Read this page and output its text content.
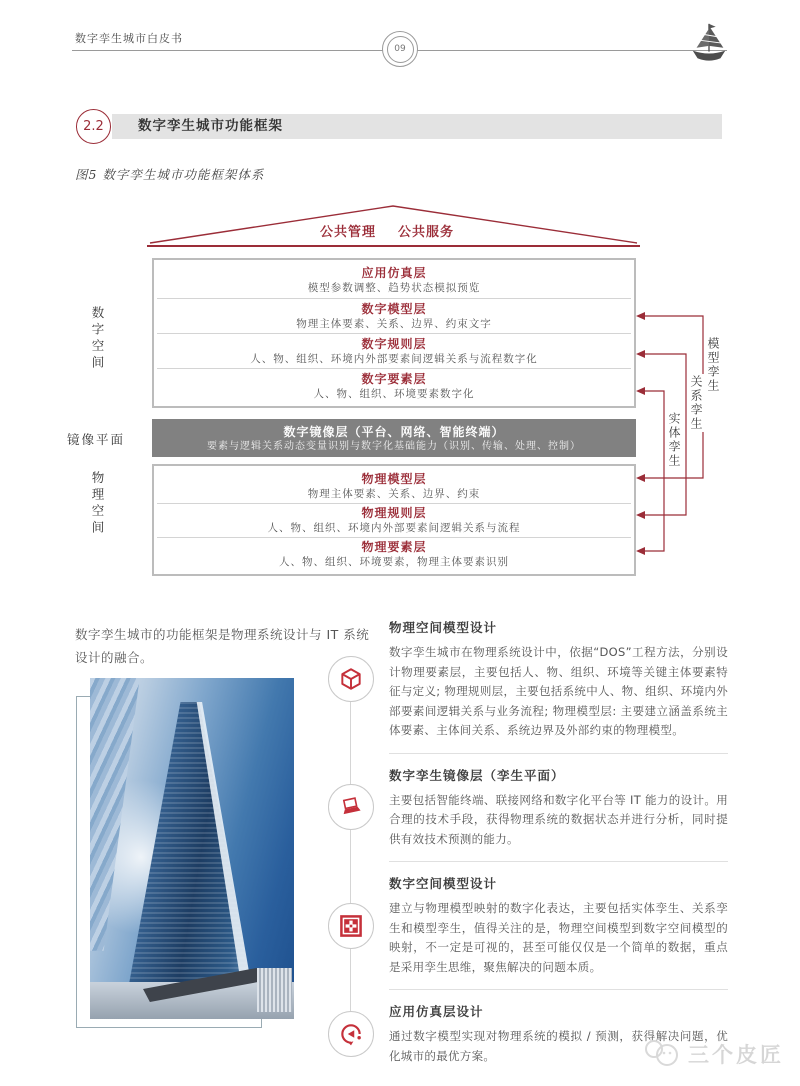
数字孪生城市白皮书
09
2.2	数字孪生城市功能框架
图5 数字孪生城市功能框架体系
公共管理 公共服务
应用仿真层
模型参数调整、趋势状态模拟预览
数字模型层
物理主体要素、关系、边界、约束文字
数字规则层
人、物、组织、环境内外部要素间逻辑关系与流程数字化
数字要素层
人、物、组织、环境要素数字化
数字镜像层（平台、网络、智能终端）
要素与逻辑关系动态变量识别与数字化基础能力（识别、传输、处理、控制）
物理模型层
物理主体要素、关系、边界、约束
物理规则层
人、物、组织、环境内外部要素间逻辑关系与流程
物理要素层
人、物、组织、环境要素，物理主体要素识别
数字空间
镜像平面
物理空间
模型孪生
关系孪生
实体孪生
数字孪生城市的功能框架是物理系统设计与 IT 系统设计的融合。
物理空间模型设计
数字孪生城市在物理系统设计中，依据“DOS”工程方法，分别设计物理要素层，主要包括人、物、组织、环境等关键主体要素特征与定义; 物理规则层，主要包括系统中人、物、组织、环境内外部要素间逻辑关系与业务流程; 物理模型层: 主要建立涵盖系统主体要素、主体间关系、系统边界及外部约束的物理模型。
数字孪生镜像层（孪生平面）
主要包括智能终端、联接网络和数字化平台等 IT 能力的设计。用合理的技术手段，获得物理系统的数据状态并进行分析，同时提供有效技术预测的能力。
数字空间模型设计
建立与物理模型映射的数字化表达，主要包括实体孪生、关系孪生和模型孪生，值得关注的是，物理空间模型到数字空间模型的映射，不一定是可视的，甚至可能仅仅是一个简单的数据，重点是采用孪生思维，聚焦解决的问题本质。
应用仿真层设计
通过数字模型实现对物理系统的模拟 / 预测，获得解决问题，优化城市的最优方案。	三个皮匠
